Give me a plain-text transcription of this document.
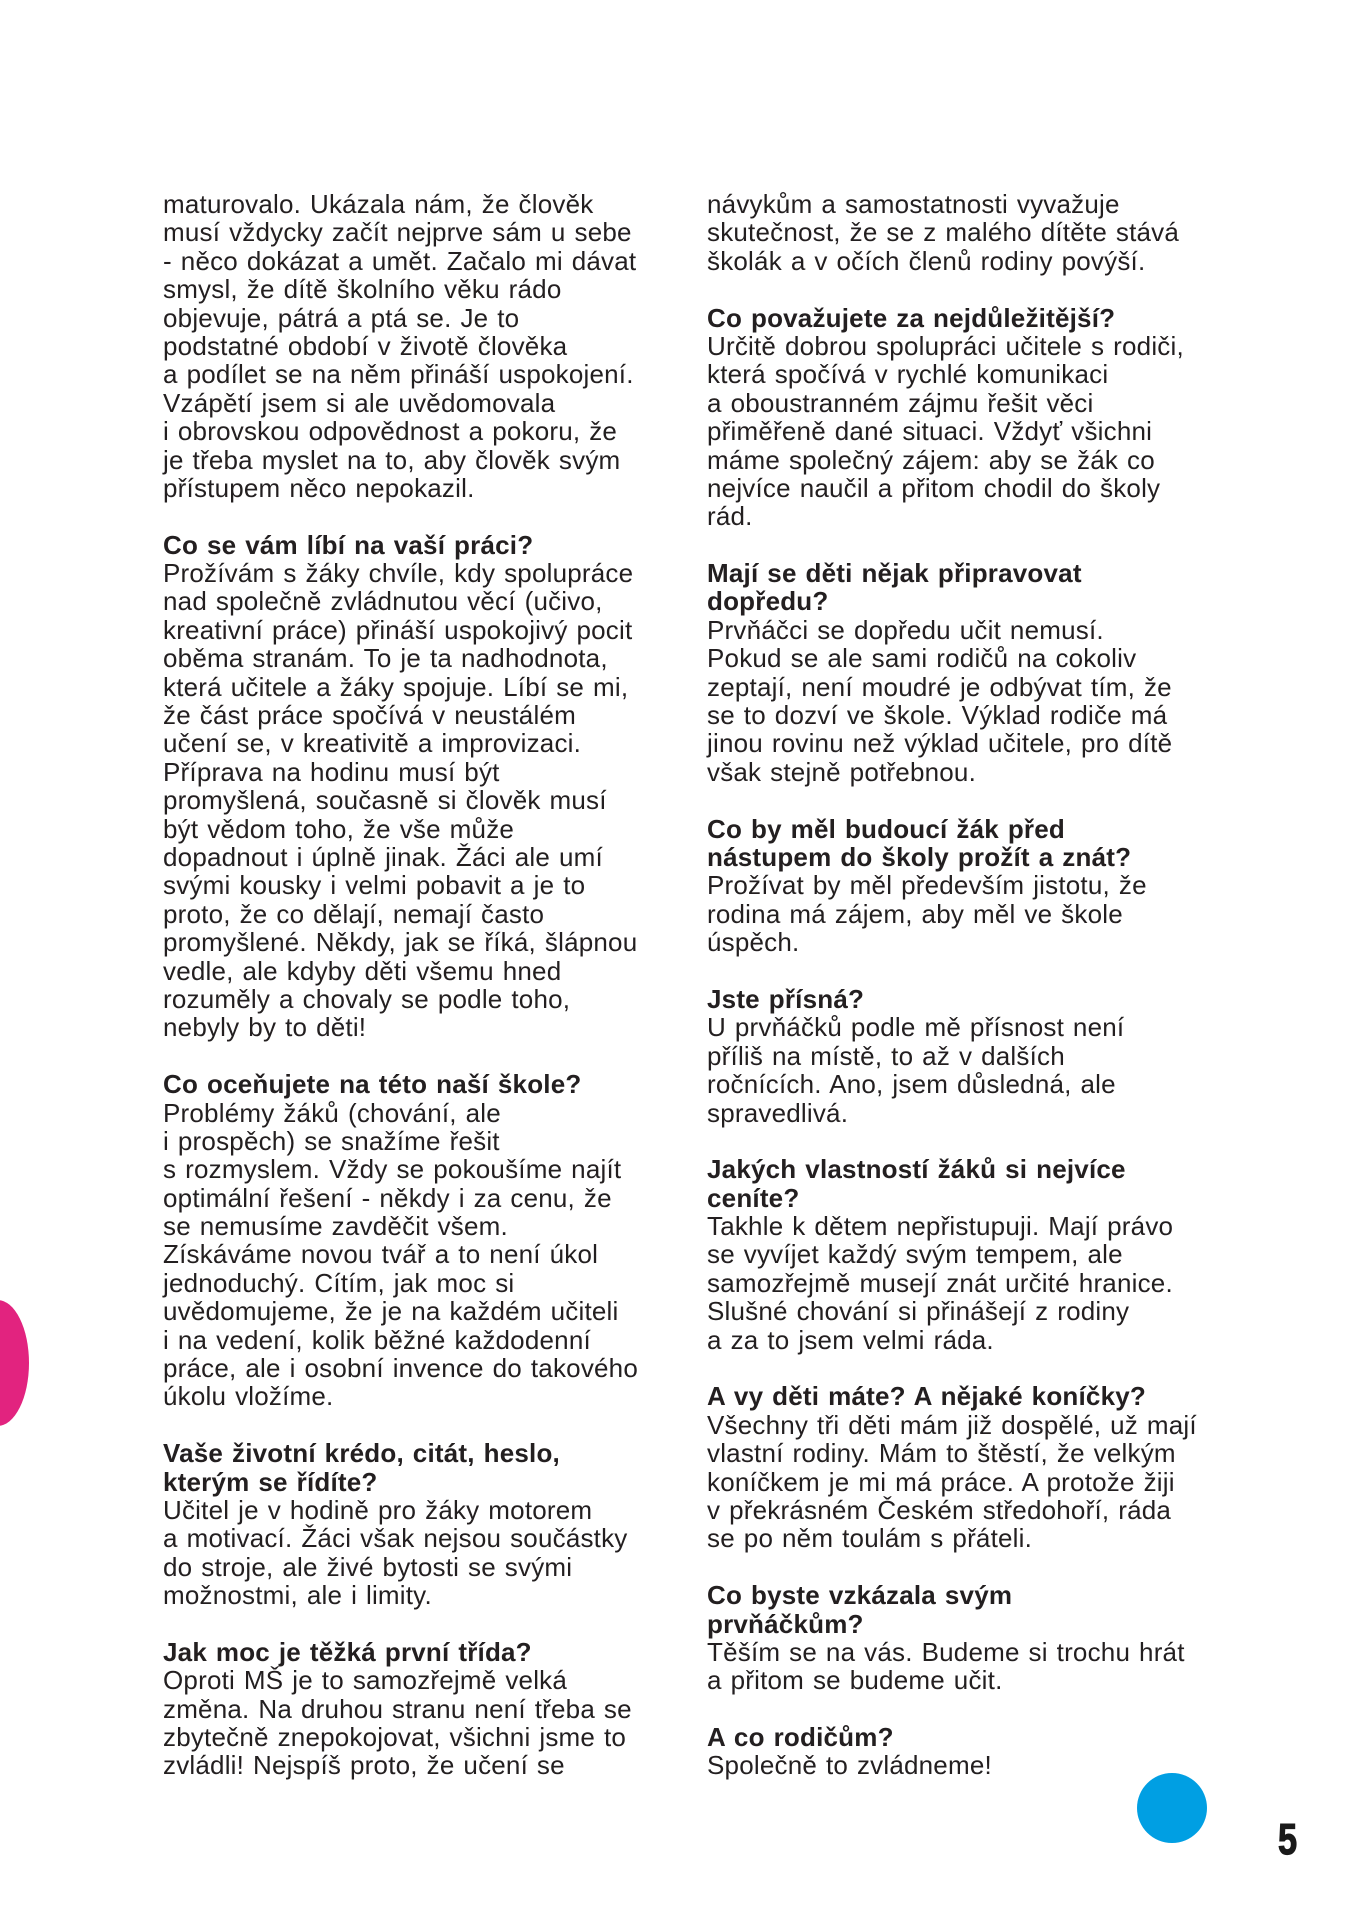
maturovalo. Ukázala nám, že člověk
musí vždycky začít nejprve sám u sebe
- něco dokázat a umět. Začalo mi dávat
smysl, že dítě školního věku rádo
objevuje, pátrá a ptá se. Je to
podstatné období v životě člověka
a podílet se na něm přináší uspokojení.
Vzápětí jsem si ale uvědomovala
i obrovskou odpovědnost a pokoru, že
je třeba myslet na to, aby člověk svým
přístupem něco nepokazil.
Co se vám líbí na vaší práci?
Prožívám s žáky chvíle, kdy spolupráce
nad společně zvládnutou věcí (učivo,
kreativní práce) přináší uspokojivý pocit
oběma stranám. To je ta nadhodnota,
která učitele a žáky spojuje. Líbí se mi,
že část práce spočívá v neustálém
učení se, v kreativitě a improvizaci.
Příprava na hodinu musí být
promyšlená, současně si člověk musí
být vědom toho, že vše může
dopadnout i úplně jinak. Žáci ale umí
svými kousky i velmi pobavit a je to
proto, že co dělají, nemají často
promyšlené. Někdy, jak se říká, šlápnou
vedle, ale kdyby děti všemu hned
rozuměly a chovaly se podle toho,
nebyly by to děti!
Co oceňujete na této naší škole?
Problémy žáků (chování, ale
i prospěch) se snažíme řešit
s rozmyslem. Vždy se pokoušíme najít
optimální řešení - někdy i za cenu, že
se nemusíme zavděčit všem.
Získáváme novou tvář a to není úkol
jednoduchý. Cítím, jak moc si
uvědomujeme, že je na každém učiteli
i na vedení, kolik běžné každodenní
práce, ale i osobní invence do takového
úkolu vložíme.
Vaše životní krédo, citát, heslo,
kterým se řídíte?
Učitel je v hodině pro žáky motorem
a motivací. Žáci však nejsou součástky
do stroje, ale živé bytosti se svými
možnostmi, ale i limity.
Jak moc je těžká první třída?
Oproti MŠ je to samozřejmě velká
změna. Na druhou stranu není třeba se
zbytečně znepokojovat, všichni jsme to
zvládli! Nejspíš proto, že učení se
návykům a samostatnosti vyvažuje
skutečnost, že se z malého dítěte stává
školák a v očích členů rodiny povýší.
Co považujete za nejdůležitější?
Určitě dobrou spolupráci učitele s rodiči,
která spočívá v rychlé komunikaci
a oboustranném zájmu řešit věci
přiměřeně dané situaci. Vždyť všichni
máme společný zájem: aby se žák co
nejvíce naučil a přitom chodil do školy
rád.
Mají se děti nějak připravovat
dopředu?
Prvňáčci se dopředu učit nemusí.
Pokud se ale sami rodičů na cokoliv
zeptají, není moudré je odbývat tím, že
se to dozví ve škole. Výklad rodiče má
jinou rovinu než výklad učitele, pro dítě
však stejně potřebnou.
Co by měl budoucí žák před
nástupem do školy prožít a znát?
Prožívat by měl především jistotu, že
rodina má zájem, aby měl ve škole
úspěch.
Jste přísná?
U prvňáčků podle mě přísnost není
příliš na místě, to až v dalších
ročnících. Ano, jsem důsledná, ale
spravedlivá.
Jakých vlastností žáků si nejvíce
ceníte?
Takhle k dětem nepřistupuji. Mají právo
se vyvíjet každý svým tempem, ale
samozřejmě musejí znát určité hranice.
Slušné chování si přinášejí z rodiny
a za to jsem velmi ráda.
A vy děti máte? A nějaké koníčky?
Všechny tři děti mám již dospělé, už mají
vlastní rodiny. Mám to štěstí, že velkým
koníčkem je mi má práce. A protože žiji
v překrásném Českém středohoří, ráda
se po něm toulám s přáteli.
Co byste vzkázala svým
prvňáčkům?
Těším se na vás. Budeme si trochu hrát
a přitom se budeme učit.
A co rodičům?
Společně to zvládneme!
5
